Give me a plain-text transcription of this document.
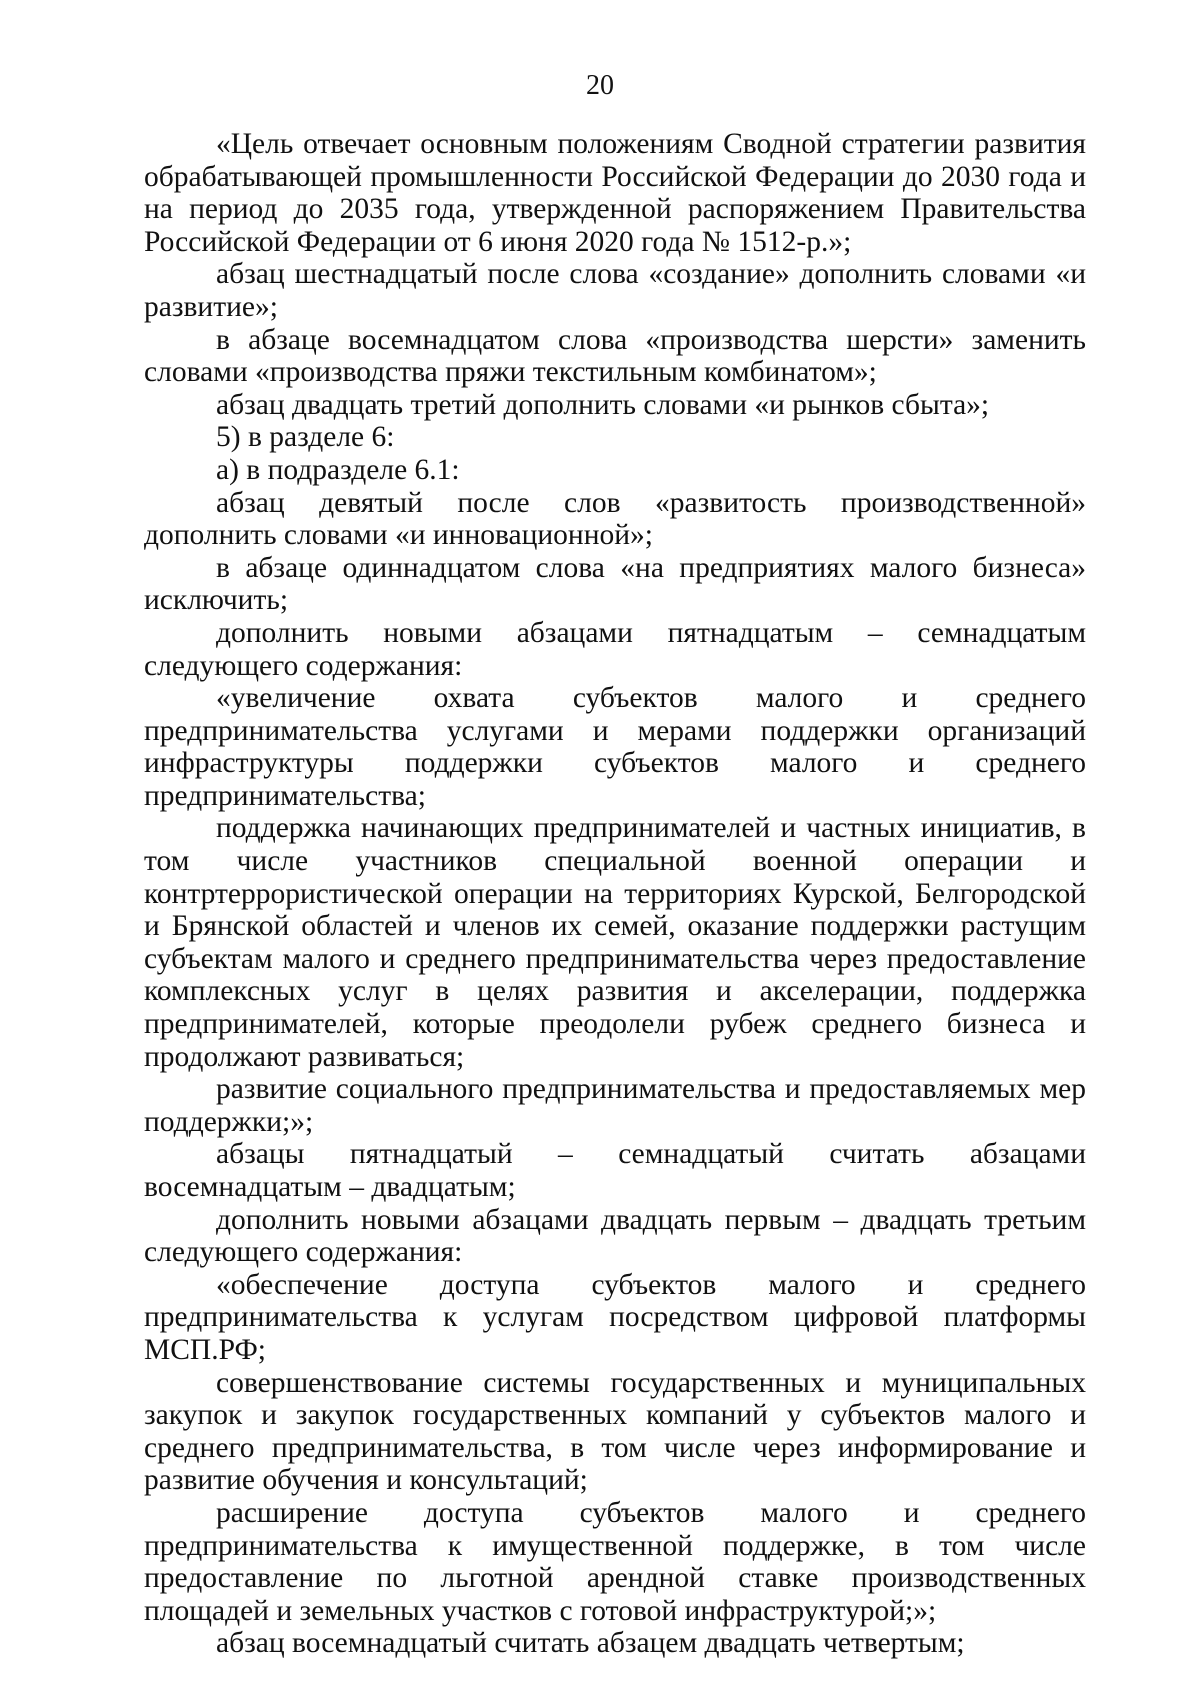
20

«Цель отвечает основным положениям Сводной стратегии развития обрабатывающей промышленности Российской Федерации до 2030 года и на период до 2035 года, утвержденной распоряжением Правительства Российской Федерации от 6 июня 2020 года № 1512-р.»;

абзац шестнадцатый после слова «создание» дополнить словами «и развитие»;

в абзаце восемнадцатом слова «производства шерсти» заменить словами «производства пряжи текстильным комбинатом»;

абзац двадцать третий дополнить словами «и рынков сбыта»;

5) в разделе 6:

а) в подразделе 6.1:

абзац девятый после слов «развитость производственной» дополнить словами «и инновационной»;

в абзаце одиннадцатом слова «на предприятиях малого бизнеса» исключить;

дополнить новыми абзацами пятнадцатым – семнадцатым следующего содержания:

«увеличение охвата субъектов малого и среднего предпринимательства услугами и мерами поддержки организаций инфраструктуры поддержки субъектов малого и среднего предпринимательства;

поддержка начинающих предпринимателей и частных инициатив, в том числе участников специальной военной операции и контртеррористической операции на территориях Курской, Белгородской и Брянской областей и членов их семей, оказание поддержки растущим субъектам малого и среднего предпринимательства через предоставление комплексных услуг в целях развития и акселерации, поддержка предпринимателей, которые преодолели рубеж среднего бизнеса и продолжают развиваться;

развитие социального предпринимательства и предоставляемых мер поддержки;»;

абзацы пятнадцатый – семнадцатый считать абзацами восемнадцатым – двадцатым;

дополнить новыми абзацами двадцать первым – двадцать третьим следующего содержания:

«обеспечение доступа субъектов малого и среднего предпринимательства к услугам посредством цифровой платформы МСП.РФ;

совершенствование системы государственных и муниципальных закупок и закупок государственных компаний у субъектов малого и среднего предпринимательства, в том числе через информирование и развитие обучения и консультаций;

расширение доступа субъектов малого и среднего предпринимательства к имущественной поддержке, в том числе предоставление по льготной арендной ставке производственных площадей и земельных участков с готовой инфраструктурой;»;

абзац восемнадцатый считать абзацем двадцать четвертым;
